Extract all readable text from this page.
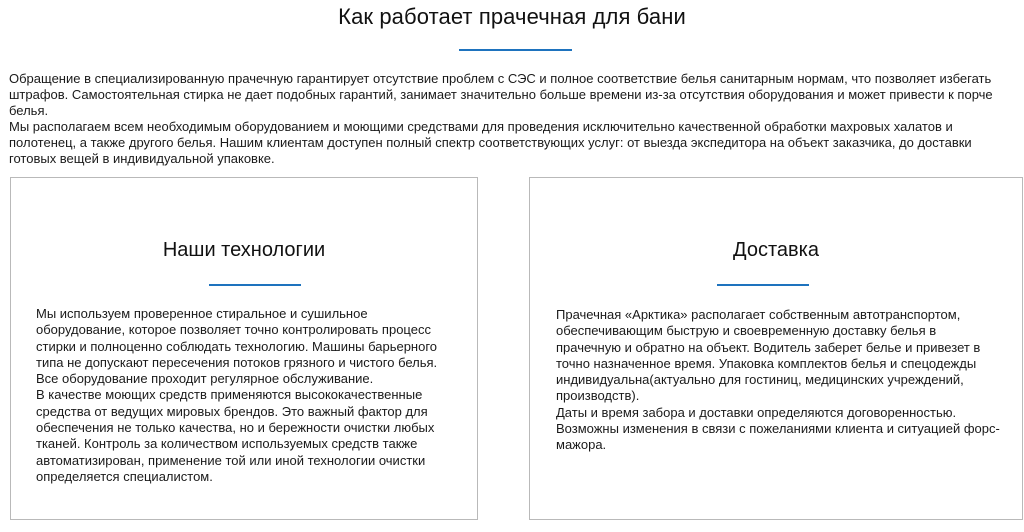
Как работает прачечная для бани

Обращение в специализированную прачечную гарантирует отсутствие проблем с СЭС и полное соответствие белья санитарным нормам, что позволяет избегать штрафов. Самостоятельная стирка не дает подобных гарантий, занимает значительно больше времени из-за отсутствия оборудования и может привести к порче белья.

Мы располагаем всем необходимым оборудованием и моющими средствами для проведения исключительно качественной обработки махровых халатов и полотенец, а также другого белья. Нашим клиентам доступен полный спектр соответствующих услуг: от выезда экспедитора на объект заказчика, до доставки готовых вещей в индивидуальной упаковке.

Наши технологии

Мы используем проверенное стиральное и сушильное оборудование, которое позволяет точно контролировать процесс стирки и полноценно соблюдать технологию. Машины барьерного типа не допускают пересечения потоков грязного и чистого белья. Все оборудование проходит регулярное обслуживание.

В качестве моющих средств применяются высококачественные средства от ведущих мировых брендов. Это важный фактор для обеспечения не только качества, но и бережности очистки любых тканей. Контроль за количеством используемых средств также автоматизирован, применение той или иной технологии очистки определяется специалистом.

Доставка

Прачечная «Арктика» располагает собственным автотранспортом, обеспечивающим быструю и своевременную доставку белья в прачечную и обратно на объект. Водитель заберет белье и привезет в точно назначенное время. Упаковка комплектов белья и спецодежды индивидуальна(актуально для гостиниц, медицинских учреждений, производств).

Даты и время забора и доставки определяются договоренностью. Возможны изменения в связи с пожеланиями клиента и ситуацией форс-мажора.
